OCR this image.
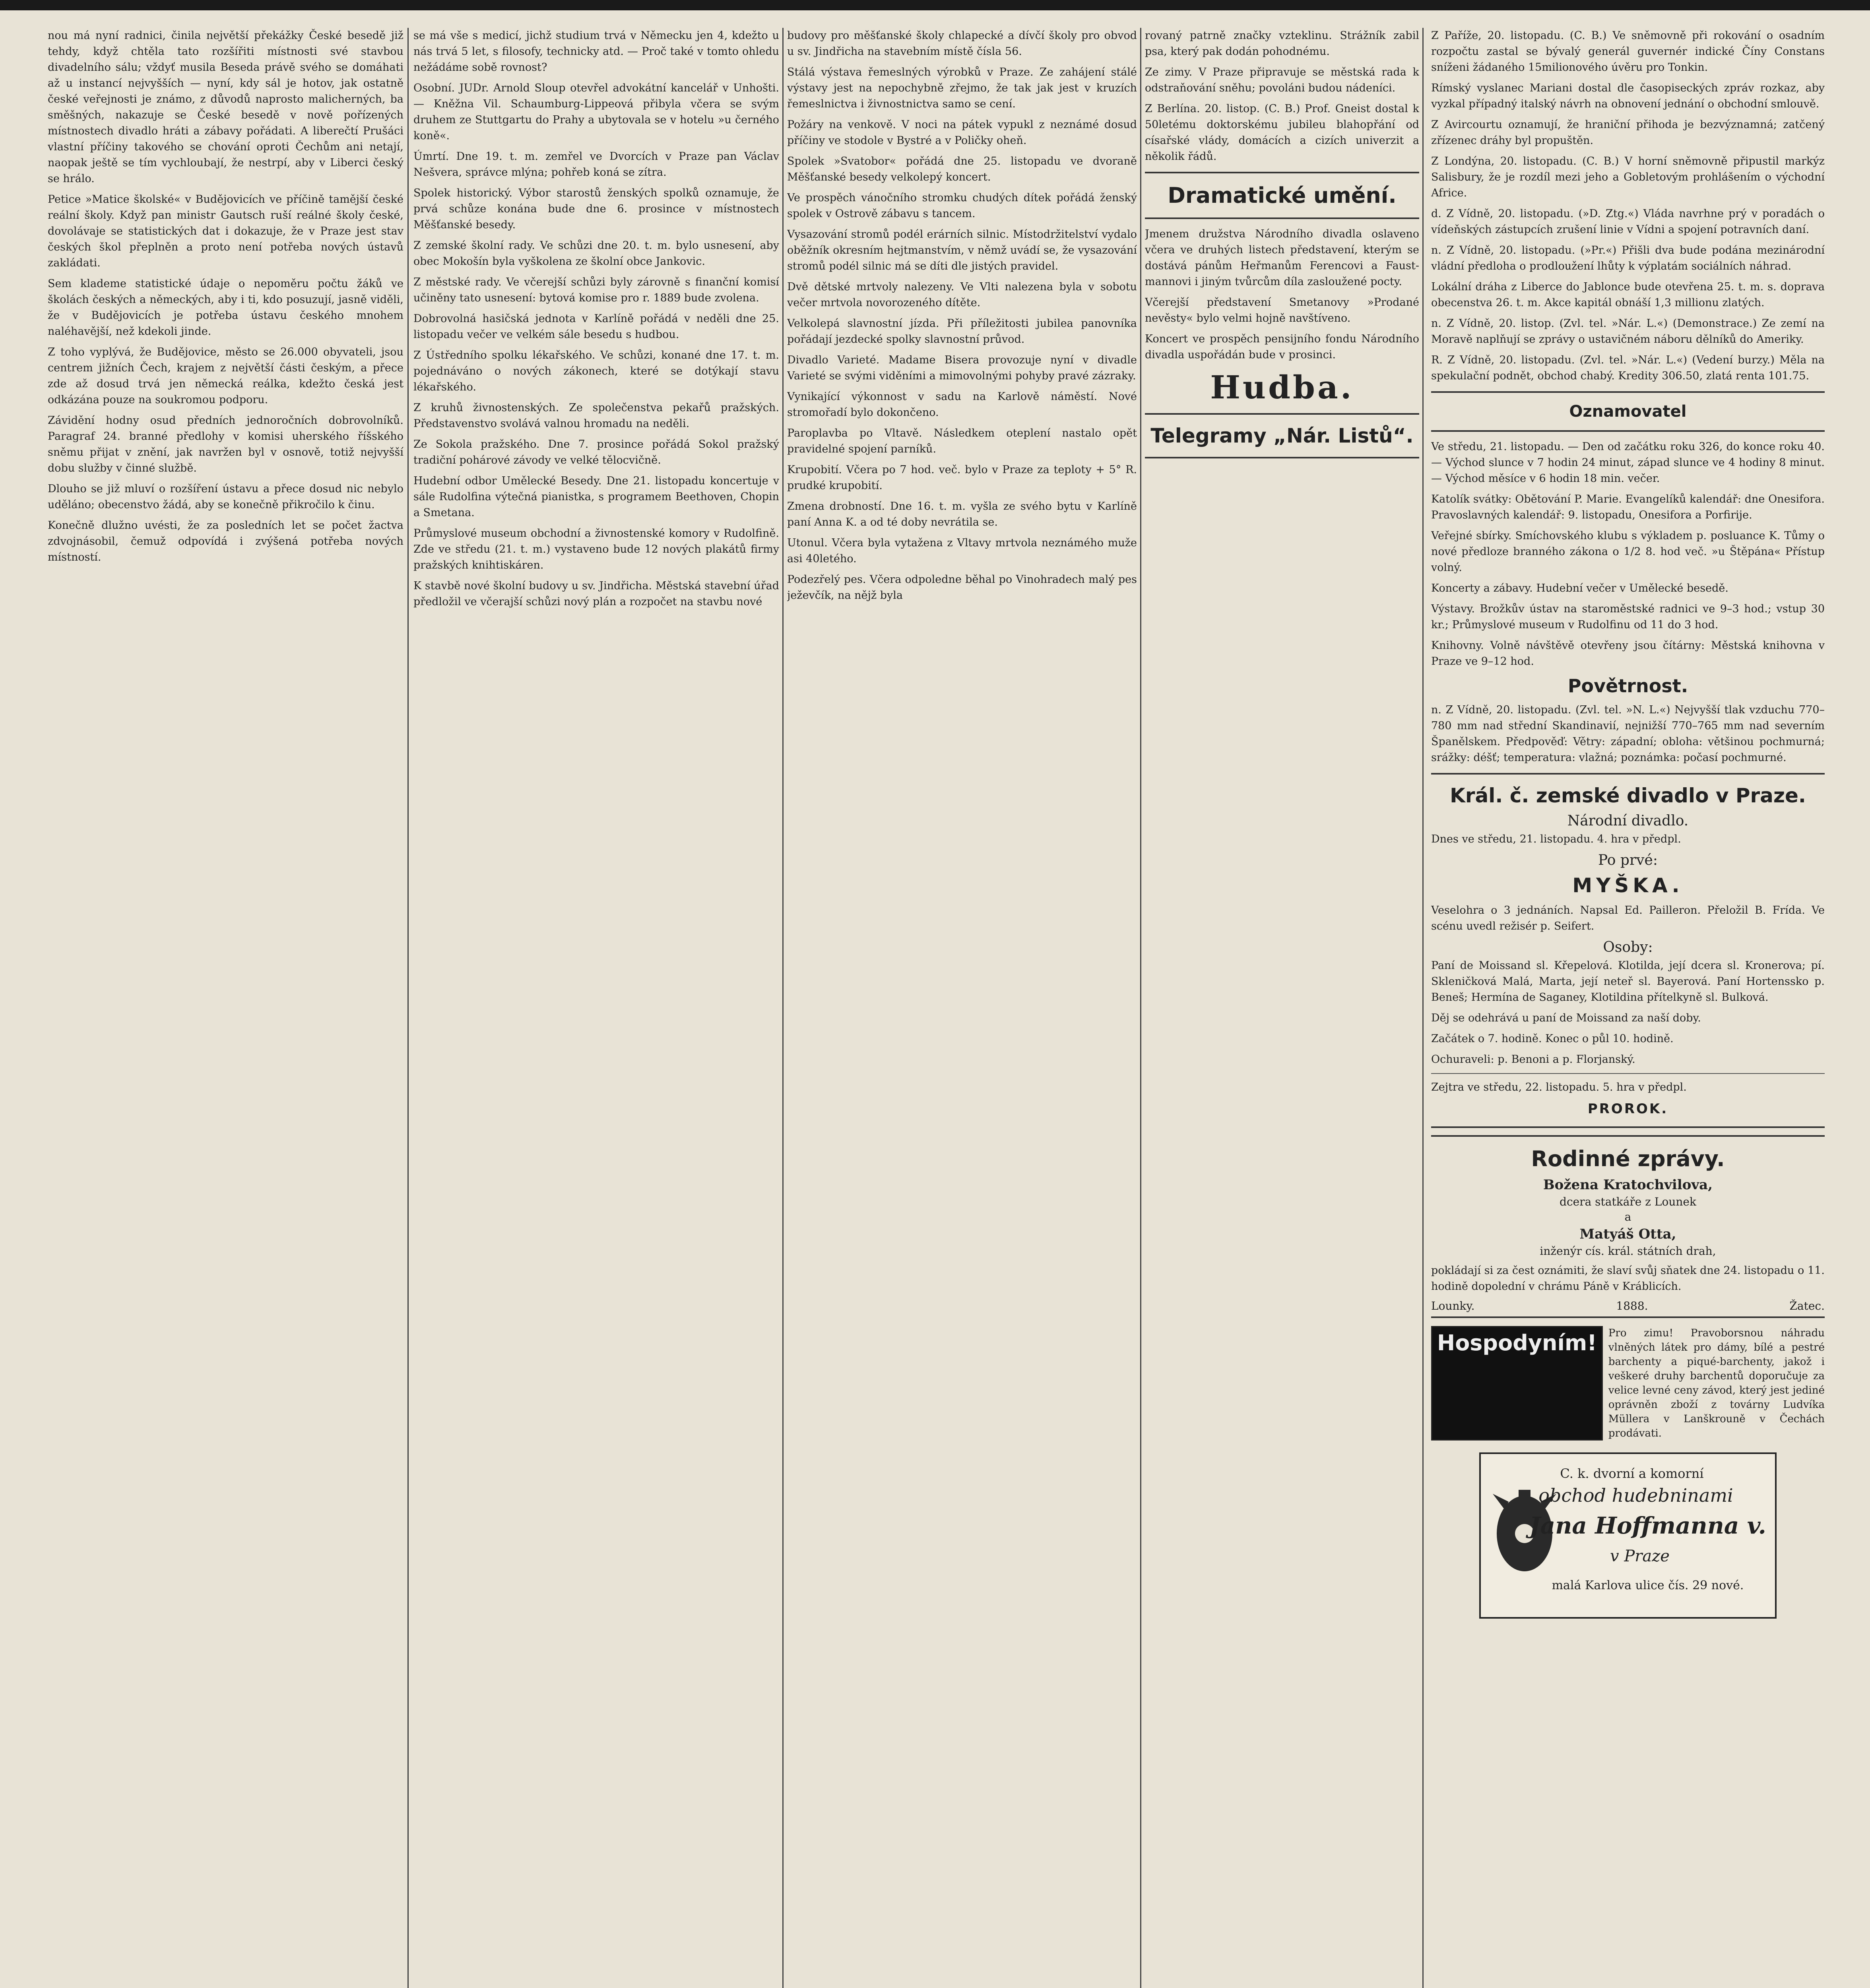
nou má nyní radnici, činila největší překážky České besedě již tehdy, když chtěla tato rozšířiti místnosti své stavbou divadelního sálu; vždyť musila Beseda právě svého se domáhati až u instancí nejvyšších — nyní, kdy sál je hotov, jak ostatně české veřejnosti je známo, z důvodů naprosto malicherných, ba směšných, nakazuje se České besedě v nově pořízených místnostech divadlo hráti a zábavy pořádati. A liberečtí Prušáci vlastní příčiny takového se chování oproti Čechům ani netají, naopak ještě se tím vychloubají, že nestrpí, aby v Liberci český se hrálo.

Petice »Matice školské« v Budějovicích ve příčině tamější české reální školy. Když pan ministr Gautsch ruší reálné školy české, dovolávaje se statistických dat i dokazuje, že v Praze jest stav českých škol přeplněn a proto není potřeba nových ústavů zakládati.

Sem klademe statistické údaje o nepoměru počtu žáků ve školách českých a německých, aby i ti, kdo posuzují, jasně viděli, že v Budějovicích je potřeba ústavu českého mnohem naléhavější, než kdekoli jinde.

Z toho vyplývá, že Budějovice, město se 26.000 obyvateli, jsou centrem jižních Čech, krajem z největší části českým, a přece zde až dosud trvá jen německá reálka, kdežto česká jest odkázána pouze na soukromou podporu.

Závidění hodny osud předních jednoročních dobrovolníků. Paragraf 24. branné předlohy v komisi uherského říšského sněmu přijat v znění, jak navržen byl v osnově, totiž nejvyšší dobu služby v činné službě.

Dlouho se již mluví o rozšíření ústavu a přece dosud nic nebylo uděláno; obecenstvo žádá, aby se konečně přikročilo k činu.

Konečně dlužno uvésti, že za posledních let se počet žactva zdvojnásobil, čemuž odpovídá i zvýšená potřeba nových místností.

se má vše s medicí, jichž studium trvá v Německu jen 4, kdežto u nás trvá 5 let, s filosofy, technicky atd. — Proč také v tomto ohledu nežádáme sobě rovnost?

Osobní. JUDr. Arnold Sloup otevřel advokátní kancelář v Unhošti. — Kněžna Vil. Schaumburg-Lippeová přibyla včera se svým druhem ze Stuttgartu do Prahy a ubytovala se v hotelu »u černého koně«.

Úmrtí. Dne 19. t. m. zemřel ve Dvorcích v Praze pan Václav Nešvera, správce mlýna; pohřeb koná se zítra.

Spolek historický. Výbor starostů ženských spolků oznamuje, že prvá schůze konána bude dne 6. prosince v místnostech Měšťanské besedy.

Z zemské školní rady. Ve schůzi dne 20. t. m. bylo usnesení, aby obec Mokošín byla vyškolena ze školní obce Jankovic.

Z městské rady. Ve včerejší schůzi byly zárovně s finanční komisí učiněny tato usnesení: bytová komise pro r. 1889 bude zvolena.

Dobrovolná hasičská jednota v Karlíně pořádá v neděli dne 25. listopadu večer ve velkém sále besedu s hudbou.

Z Ústředního spolku lékařského. Ve schůzi, konané dne 17. t. m. pojednáváno o nových zákonech, které se dotýkají stavu lékařského.

Z kruhů živnostenských. Ze společenstva pekařů pražských. Představenstvo svolává valnou hromadu na neděli.

Ze Sokola pražského. Dne 7. prosince pořádá Sokol pražský tradiční pohárové závody ve velké tělocvičně.

Hudební odbor Umělecké Besedy. Dne 21. listopadu koncertuje v sále Rudolfina výtečná pianistka, s programem Beethoven, Chopin a Smetana.

Průmyslové museum obchodní a živnostenské komory v Rudolfině. Zde ve středu (21. t. m.) vystaveno bude 12 nových plakátů firmy pražských knihtiskáren.

K stavbě nové školní budovy u sv. Jindřicha. Městská stavební úřad předložil ve včerajší schůzi nový plán a rozpočet na stavbu nové

budovy pro měšťanské školy chlapecké a dívčí školy pro obvod u sv. Jindřicha na stavebním místě čísla 56.

Stálá výstava řemeslných výrobků v Praze. Ze zahájení stálé výstavy jest na nepochybně zřejmo, že tak jak jest v kruzích řemeslnictva i živnostnictva samo se cení.

Požáry na venkově. V noci na pátek vypukl z neznámé dosud příčiny ve stodole v Bystré a v Poličky oheň.

Spolek »Svatobor« pořádá dne 25. listopadu ve dvoraně Měšťanské besedy velkolepý koncert.

Ve prospěch vánočního stromku chudých dítek pořádá ženský spolek v Ostrově zábavu s tancem.

Vysazování stromů podél erárních silnic. Místodržitelství vydalo oběžník okresním hejtmanstvím, v němž uvádí se, že vysazování stromů podél silnic má se díti dle jistých pravidel.

Dvě dětské mrtvoly nalezeny. Ve Vlti nalezena byla v sobotu večer mrtvola novorozeného dítěte.

Velkolepá slavnostní jízda. Při příležitosti jubilea panovníka pořádají jezdecké spolky slavnostní průvod.

Divadlo Varieté. Madame Bisera provozuje nyní v divadle Varieté se svými viděními a mimovolnými pohyby pravé zázraky.

Vynikající výkonnost v sadu na Karlově náměstí. Nové stromořadí bylo dokončeno.

Paroplavba po Vltavě. Následkem oteplení nastalo opět pravidelné spojení parníků.

Krupobití. Včera po 7 hod. več. bylo v Praze za teploty + 5° R. prudké krupobití.

Zmena drobností. Dne 16. t. m. vyšla ze svého bytu v Karlíně paní Anna K. a od té doby nevrátila se.

Utonul. Včera byla vytažena z Vltavy mrtvola neznámého muže asi 40letého.

Podezřelý pes. Včera odpoledne běhal po Vinohradech malý pes ježevčík, na nějž byla

rovaný patrně značky vzteklinu. Strážník zabil psa, který pak dodán pohodnému.

Ze zimy. V Praze připravuje se městská rada k odstraňování sněhu; povoláni budou nádeníci.

Z Berlína. 20. listop. (C. B.) Prof. Gneist dostal k 50letému doktorskému jubileu blahopřání od císařské vlády, domácích a cizích univerzit a několik řádů.

Dramatické umění.

Jmenem družstva Národního divadla oslaveno včera ve druhých listech představení, kterým se dostává pánům Heřmanům Ferencovi a Faustmannovi i jiným tvůrcům díla zasloužené pocty.

Včerejší představení Smetanovy »Prodané nevěsty« bylo velmi hojně navštíveno.

Koncert ve prospěch pensijního fondu Národního divadla uspořádán bude v prosinci.

Hudba.

Telegramy „Nár. Listů“.

Z Paříže, 20. listopadu. (C. B.) Ve sněmovně při rokování o osadním rozpočtu zastal se bývalý generál guvernér indické Číny Constans sníženi žádaného 15milionového úvěru pro Tonkin.

Rímský vyslanec Mariani dostal dle časopiseckých zpráv rozkaz, aby vyzkal případný italský návrh na obnovení jednání o obchodní smlouvě.

Z Avircourtu oznamují, že hraniční přihoda je bezvýznamná; zatčený zřízenec dráhy byl propuštěn.

Z Londýna, 20. listopadu. (C. B.) V horní sněmovně připustil markýz Salisbury, že je rozdíl mezi jeho a Gobletovým prohlášením o východní Africe.

d. Z Vídně, 20. listopadu. (»D. Ztg.«) Vláda navrhne prý v poradách o vídeňských zástupcích zrušení linie v Vídni a spojení potravních daní.

n. Z Vídně, 20. listopadu. (»Pr.«) Přišli dva bude podána mezinárodní vládní předloha o prodloužení lhůty k výplatám sociálních náhrad.

Lokální dráha z Liberce do Jablonce bude otevřena 25. t. m. s. doprava obecenstva 26. t. m. Akce kapitál obnáší 1,3 millionu zlatých.

n. Z Vídně, 20. listop. (Zvl. tel. »Nár. L.«) (Demonstrace.) Ze zemí na Moravě naplňují se zprávy o ustavičném náboru dělníků do Ameriky.

R. Z Vídně, 20. listopadu. (Zvl. tel. »Nár. L.«) (Vedení burzy.) Měla na spekulační podnět, obchod chabý. Kredity 306.50, zlatá renta 101.75.

Oznamovatel

Ve středu, 21. listopadu. — Den od začátku roku 326, do konce roku 40. — Východ slunce v 7 hodin 24 minut, západ slunce ve 4 hodiny 8 minut. — Východ měsíce v 6 hodin 18 min. večer.

Katolík svátky: Obětování P. Marie. Evangelíků kalendář: dne Onesifora. Pravoslavných kalendář: 9. listopadu, Onesifora a Porfirije.

Veřejné sbírky. Smíchovského klubu s výkladem p. posluance K. Tůmy o nové předloze branného zákona o 1/2 8. hod več. »u Štěpána« Přístup volný.

Koncerty a zábavy. Hudební večer v Umělecké besedě.

Výstavy. Brožkův ústav na staroměstské radnici ve 9–3 hod.; vstup 30 kr.; Průmyslové museum v Rudolfinu od 11 do 3 hod.

Knihovny. Volně návštěvě otevřeny jsou čítárny: Městská knihovna v Praze ve 9–12 hod.

Povětrnost.

n. Z Vídně, 20. listopadu. (Zvl. tel. »N. L.«) Nejvyšší tlak vzduchu 770–780 mm nad střední Skandinavií, nejnižší 770–765 mm nad severním Španělskem. Předpověď: Větry: západní; obloha: většinou pochmurná; srážky: déšť; temperatura: vlažná; poznámka: počasí pochmurné.

Král. č. zemské divadlo v Praze.
Národní divadlo.

Dnes ve středu, 21. listopadu. 4. hra v předpl.

Po prvé:
MYŠKA.

Veselohra o 3 jednáních. Napsal Ed. Pailleron. Přeložil B. Frída. Ve scénu uvedl režisér p. Seifert.

Osoby:

Paní de Moissand sl. Křepelová. Klotilda, její dcera sl. Kronerova; pí. Skleničková Malá, Marta, její neteř sl. Bayerová. Paní Hortenssko p. Beneš; Hermína de Saganey, Klotildina přítelkyně sl. Bulková.

Děj se odehrává u paní de Moissand za naší doby.

Začátek o 7. hodině. Konec o půl 10. hodině.

Ochuraveli: p. Benoni a p. Florjanský.

Zejtra ve středu, 22. listopadu. 5. hra v předpl.

PROROK.
Rodinné zprávy.
Božena Kratochvilova,
dcera statkáře z Lounek
a
Matyáš Otta,
inženýr cís. král. státních drah,

pokládají si za čest oznámiti, že slaví svůj sňatek dne 24. listopadu o 11. hodině dopolední v chrámu Páně v Kráblicích.

Lounky.	1888.	Žatec.
Hospodyním!	Pro zimu! Pravoborsnou náhradu vlněných látek pro dámy, bílé a pestré barchenty a piqué-barchenty, jakož i veškeré druhy barchentů doporučuje za velice levné ceny závod, který jest jediné oprávněn zboží z továrny Ludvíka Müllera v Lanškrouně v Čechách prodávati.
C. k. dvorní a komorní
obchod hudebninami
Jana Hoffmanna v.
v Praze
malá Karlova ulice čís. 29 nové.
